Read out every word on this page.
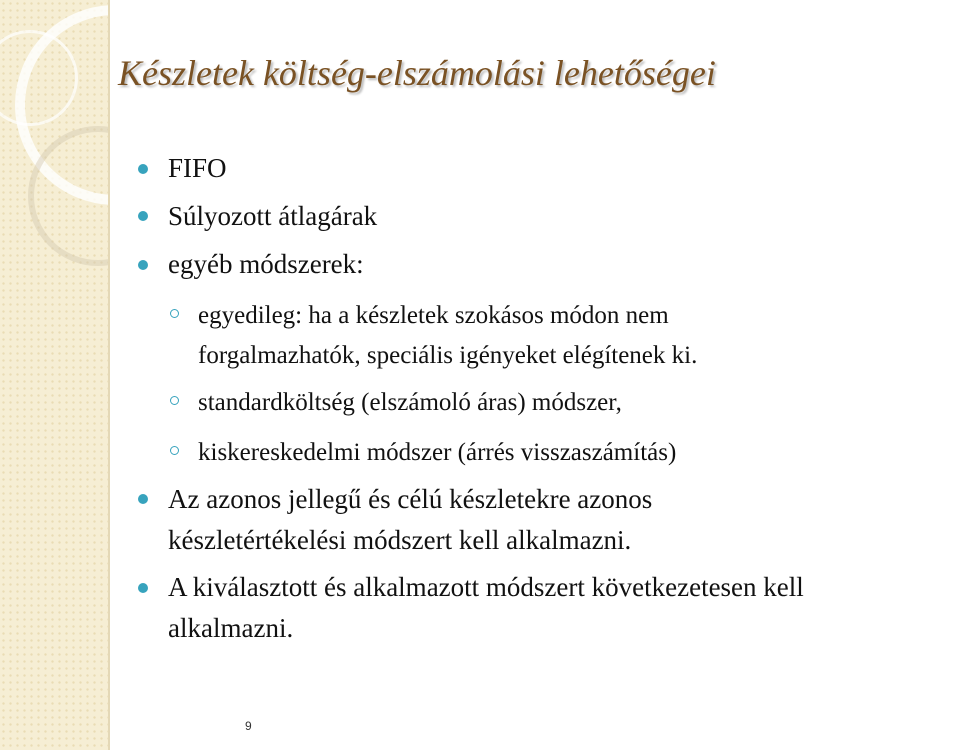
Készletek költség-elszámolási lehetőségei
FIFO
Súlyozott átlagárak
egyéb módszerek:
egyedileg: ha a készletek szokásos módon nem
forgalmazhatók, speciális igényeket elégítenek ki.
standardköltség (elszámoló áras) módszer,
kiskereskedelmi módszer (árrés visszaszámítás)
Az azonos jellegű és célú készletekre azonos
készletértékelési módszert kell alkalmazni.
A kiválasztott és alkalmazott módszert következetesen kell
alkalmazni.
9
